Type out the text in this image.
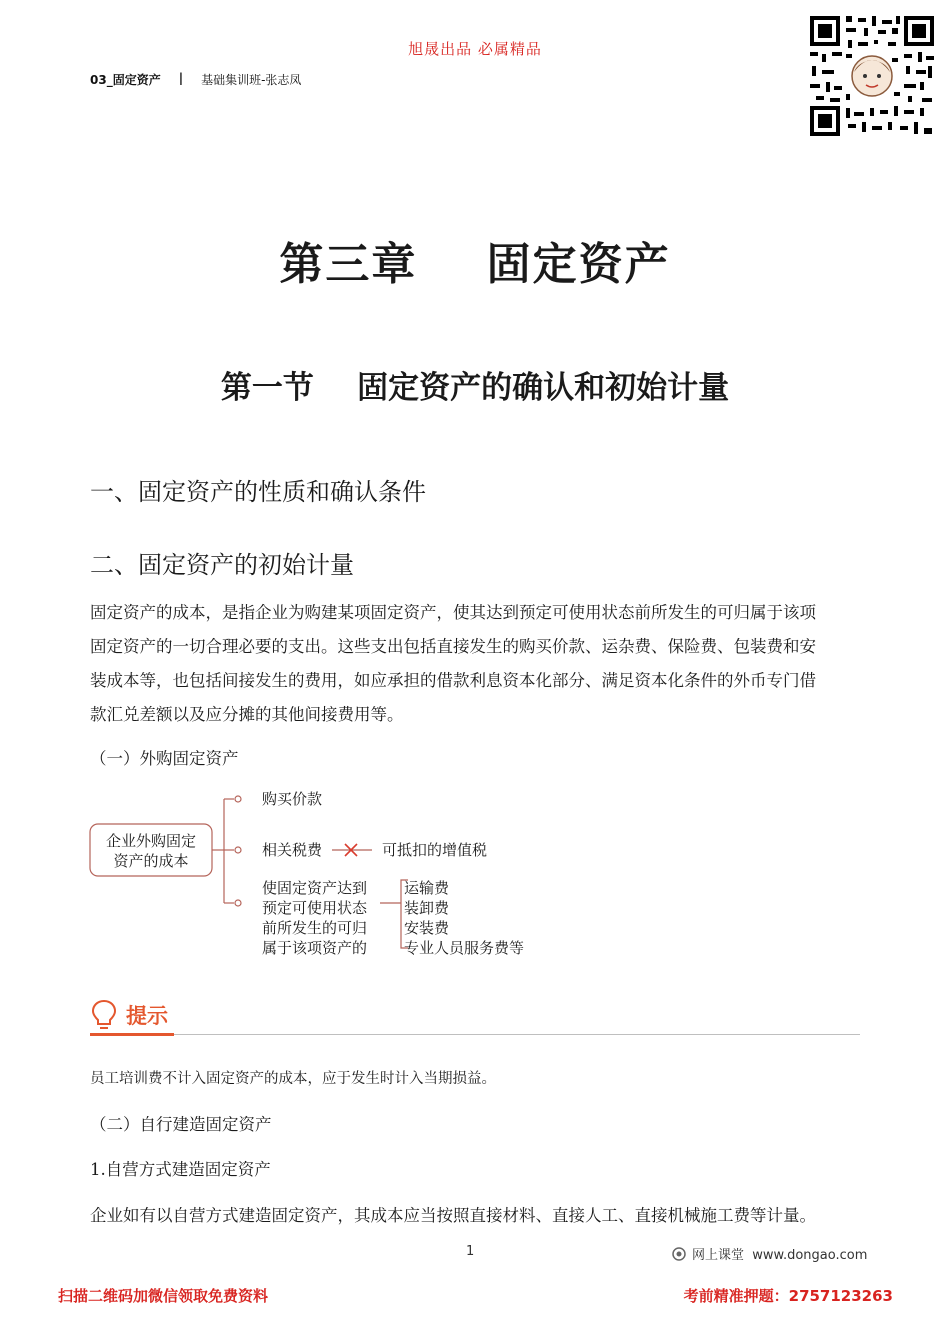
旭晟出品 必属精品
03_固定资产 | 基础集训班-张志凤
第三章    固定资产
第一节    固定资产的确认和初始计量
一、固定资产的性质和确认条件
二、固定资产的初始计量
固定资产的成本，是指企业为购建某项固定资产，使其达到预定可使用状态前所发生的可归属于该项
固定资产的一切合理必要的支出。这些支出包括直接发生的购买价款、运杂费、保险费、包装费和安
装成本等，也包括间接发生的费用，如应承担的借款利息资本化部分、满足资本化条件的外币专门借
款汇兑差额以及应分摊的其他间接费用等。
（一）外购固定资产
企业外购固定
资产的成本
购买价款
相关税费	可抵扣的增值税
使固定资产达到
预定可使用状态
前所发生的可归
属于该项资产的
运输费
装卸费
安装费
专业人员服务费等
提示
员工培训费不计入固定资产的成本，应于发生时计入当期损益。
（二）自行建造固定资产
1.自营方式建造固定资产
企业如有以自营方式建造固定资产，其成本应当按照直接材料、直接人工、直接机械施工费等计量。
1	网上课堂  www.dongao.com
扫描二维码加微信领取免费资料	考前精准押题：2757123263
